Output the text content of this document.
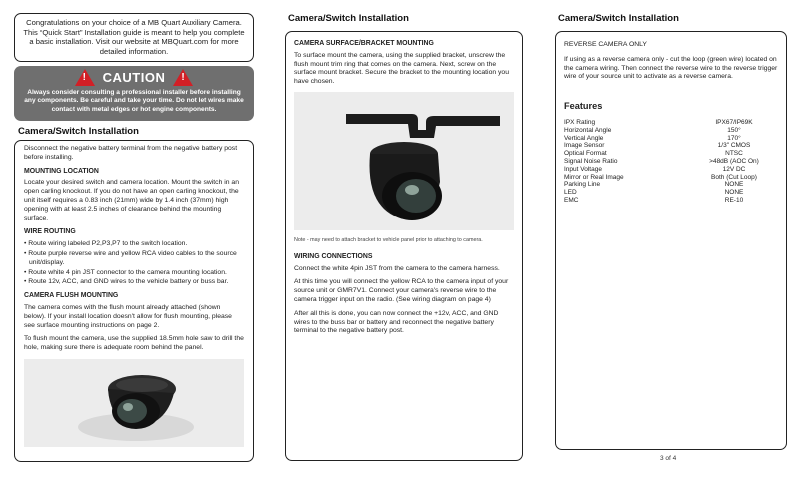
Congratulations on your choice of a MB Quart Auxiliary Camera. This “Quick Start” Installation guide is meant to help you complete a basic installation. Visit our website at MBQuart.com for more detailed information.
! CAUTION !
Always consider consulting a professional installer before installing any components. Be careful and take your time. Do not let wires make contact with metal edges or hot engine components.
Camera/Switch Installation

Disconnect the negative battery terminal from the negative battery post before installing.

MOUNTING LOCATION

Locate your desired switch and camera location. Mount the switch in an open carling knockout. If you do not have an open carling knockout, the unit itself requires a 0.83 inch (21mm) wide by 1.4 inch (37mm) high opening with at least 2.5 inches of clearance behind the mounting surface.

WIRE ROUTING
• Route wiring labeled P2,P3,P7 to the switch location.
• Route purple reverse wire and yellow RCA video cables to the source unit/display.
• Route white 4 pin JST connector to the camera mounting location.
• Route 12v, ACC, and GND wires to the vehicle battery or buss bar.
CAMERA FLUSH MOUNTING

The camera comes with the flush mount already attached (shown below). If your install location doesn't allow for flush mounting, please see surface mounting instructions on page 2.

To flush mount the camera, use the supplied 18.5mm hole saw to drill the hole, making sure there is adequate room behind the panel.

Camera/Switch Installation
CAMERA SURFACE/BRACKET MOUNTING

To surface mount the camera, using the supplied bracket, unscrew the flush mount trim ring that comes on the camera. Next, screw on the surface mount bracket. Secure the bracket to the mounting location you have chosen.

Note - may need to attach bracket to vehicle panel prior to attaching to camera.

WIRING CONNECTIONS

Connect the white 4pin JST from the camera to the camera harness.

At this time you will connect the yellow RCA to the camera input of your source unit or GMR7V1. Connect your camera's reverse wire to the camera trigger input on the radio. (See wiring diagram on page 4)

After all this is done, you can now connect the +12v, ACC, and GND wires to the buss bar or battery and reconnect the negative battery terminal to the negative battery post.

Camera/Switch Installation

REVERSE CAMERA ONLY

If using as a reverse camera only - cut the loop (green wire) located on the camera wiring. Then connect the reverse wire to the reverse trigger wire of your source unit to activate as a reverse camera.

Features
IPX Rating	IPX67/IP69K
Horizontal Angle	150°
Vertical Angle	170°
Image Sensor	1/3" CMOS
Optical Format	NTSC
Signal Noise Ratio	>48dB (AOC On)
Input Voltage	12V DC
Mirror or Real Image	Both (Cut Loop)
Parking Line	NONE
LED	NONE
EMC	RE-10
3 of 4
